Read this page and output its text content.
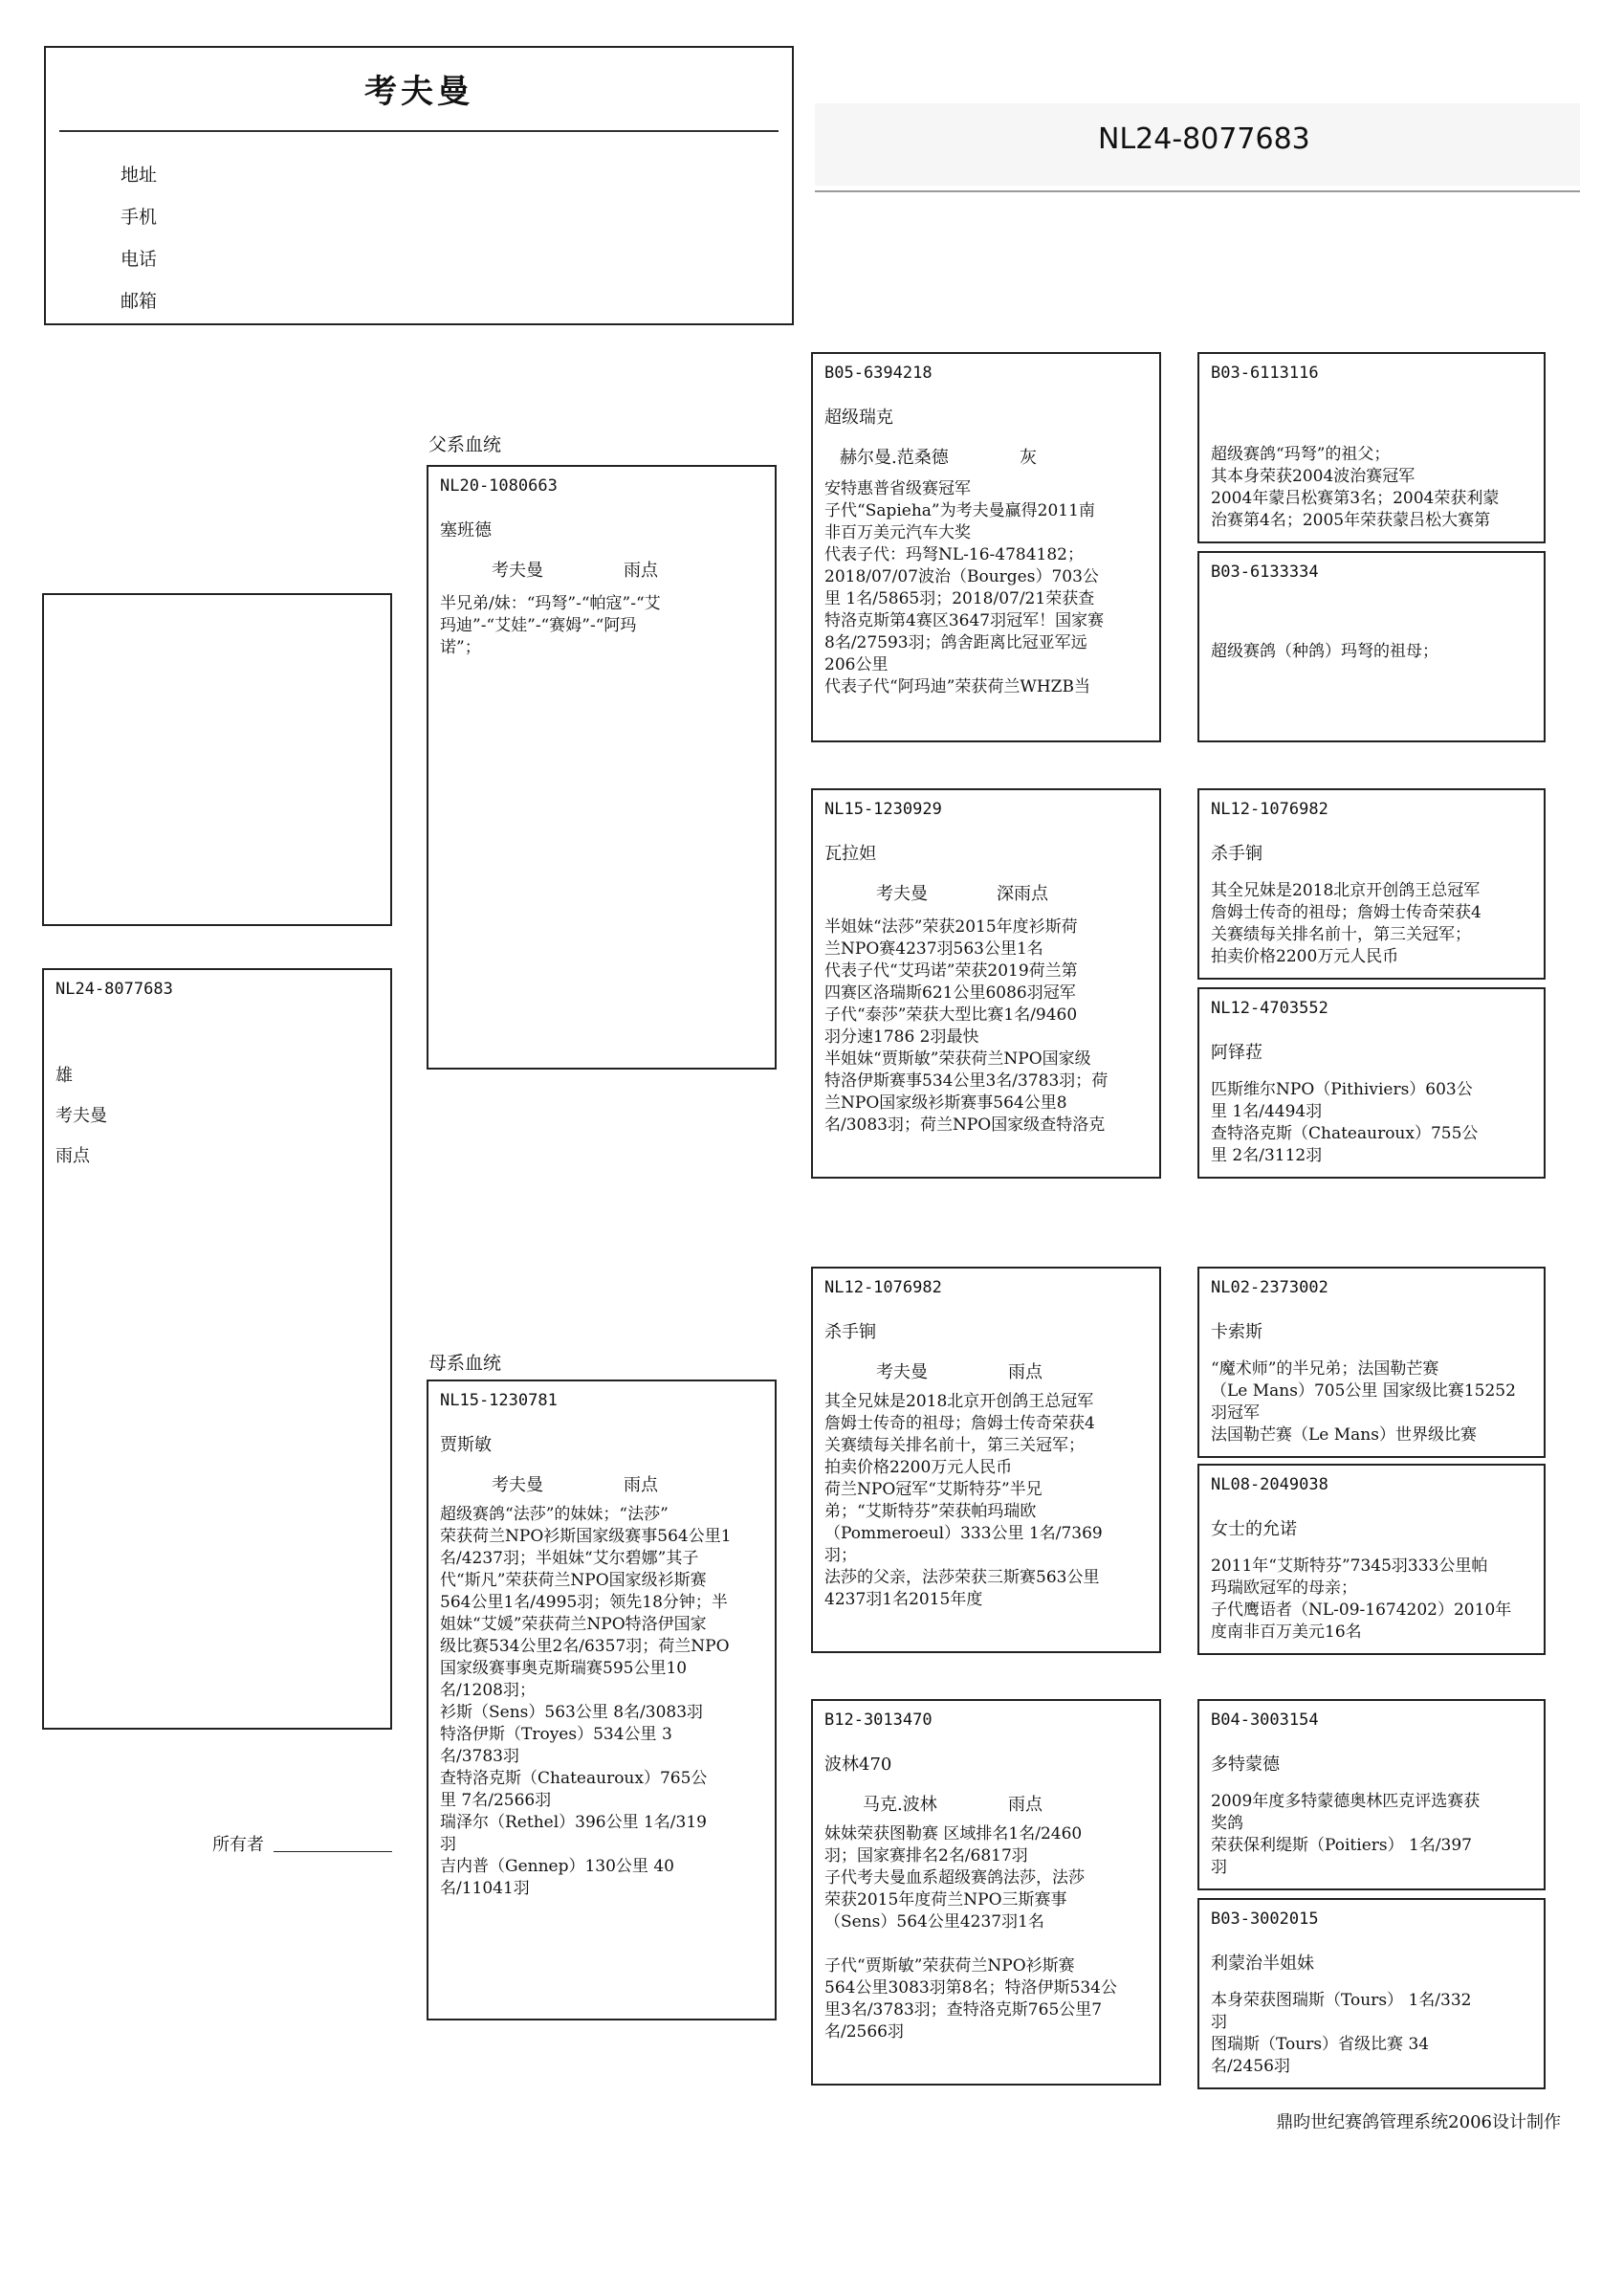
考夫曼
地址
手机
电话
邮箱
NL24-8077683
NL24-8077683
雄
考夫曼
雨点
所有者
父系血统
母系血统
NL20-1080663
塞班德
考夫曼	雨点
半兄弟/妹：“玛弩”-“帕寇”-“艾
玛迪”-“艾娃”-“赛姆”-“阿玛
诺”；
NL15-1230781
贾斯敏
考夫曼	雨点
超级赛鸽“法莎”的妹妹；“法莎”
荣获荷兰NPO衫斯国家级赛事564公里1
名/4237羽；半姐妹“艾尔碧娜”其子
代“斯凡”荣获荷兰NPO国家级衫斯赛
564公里1名/4995羽；领先18分钟；半
姐妹“艾媛”荣获荷兰NPO特洛伊国家
级比赛534公里2名/6357羽；荷兰NPO
国家级赛事奥克斯瑞赛595公里10
名/1208羽；
衫斯（Sens）563公里 8名/3083羽
特洛伊斯（Troyes）534公里 3
名/3783羽
查特洛克斯（Chateauroux）765公
里 7名/2566羽
瑞泽尔（Rethel）396公里 1名/319
羽
吉内普（Gennep）130公里 40
名/11041羽
B05-6394218
超级瑞克
赫尔曼.范桑德	灰
安特惠普省级赛冠军
子代“Sapieha”为考夫曼赢得2011南
非百万美元汽车大奖
代表子代：玛弩NL-16-4784182；
2018/07/07波治（Bourges）703公
里 1名/5865羽；2018/07/21荣获查
特洛克斯第4赛区3647羽冠军！国家赛
8名/27593羽；鸽舍距离比冠亚军远
206公里
代表子代“阿玛迪”荣获荷兰WHZB当
NL15-1230929
瓦拉妲
考夫曼	深雨点
半姐妹“法莎”荣获2015年度衫斯荷
兰NPO赛4237羽563公里1名
代表子代“艾玛诺”荣获2019荷兰第
四赛区洛瑞斯621公里6086羽冠军
子代“泰莎”荣获大型比赛1名/9460
羽分速1786 2羽最快
半姐妹“贾斯敏”荣获荷兰NPO国家级
特洛伊斯赛事534公里3名/3783羽；荷
兰NPO国家级衫斯赛事564公里8
名/3083羽；荷兰NPO国家级查特洛克
NL12-1076982
杀手锏
考夫曼	雨点
其全兄妹是2018北京开创鸽王总冠军
詹姆士传奇的祖母；詹姆士传奇荣获4
关赛绩每关排名前十，第三关冠军；
拍卖价格2200万元人民币
荷兰NPO冠军“艾斯特芬”半兄
弟；“艾斯特芬”荣获帕玛瑞欧
（Pommeroeul）333公里 1名/7369
羽；
法莎的父亲，法莎荣获三斯赛563公里
4237羽1名2015年度
B12-3013470
波林470
马克.波林	雨点
妹妹荣获图勒赛 区域排名1名/2460
羽；国家赛排名2名/6817羽
子代考夫曼血系超级赛鸽法莎，法莎
荣获2015年度荷兰NPO三斯赛事
（Sens）564公里4237羽1名
子代“贾斯敏”荣获荷兰NPO衫斯赛
564公里3083羽第8名；特洛伊斯534公
里3名/3783羽；查特洛克斯765公里7
名/2566羽
B03-6113116
超级赛鸽“玛弩”的祖父；
其本身荣获2004波治赛冠军
2004年蒙吕松赛第3名；2004荣获利蒙
治赛第4名；2005年荣获蒙吕松大赛第
B03-6133334
超级赛鸽（种鸽）玛弩的祖母；
NL12-1076982
杀手锏
其全兄妹是2018北京开创鸽王总冠军
詹姆士传奇的祖母；詹姆士传奇荣获4
关赛绩每关排名前十，第三关冠军；
拍卖价格2200万元人民币
NL12-4703552
阿铎菈
匹斯维尔NPO（Pithiviers）603公
里 1名/4494羽
查特洛克斯（Chateauroux）755公
里 2名/3112羽
NL02-2373002
卡索斯
“魔术师”的半兄弟；法国勒芒赛
（Le Mans）705公里 国家级比赛15252
羽冠军
法国勒芒赛（Le Mans）世界级比赛
NL08-2049038
女士的允诺
2011年“艾斯特芬”7345羽333公里帕
玛瑞欧冠军的母亲；
子代鹰语者（NL-09-1674202）2010年
度南非百万美元16名
B04-3003154
多特蒙德
2009年度多特蒙德奥林匹克评选赛获
奖鸽
荣获保利缇斯（Poitiers） 1名/397
羽
B03-3002015
利蒙治半姐妹
本身荣获图瑞斯（Tours） 1名/332
羽
图瑞斯（Tours）省级比赛 34
名/2456羽
鼎昀世纪赛鸽管理系统2006设计制作
